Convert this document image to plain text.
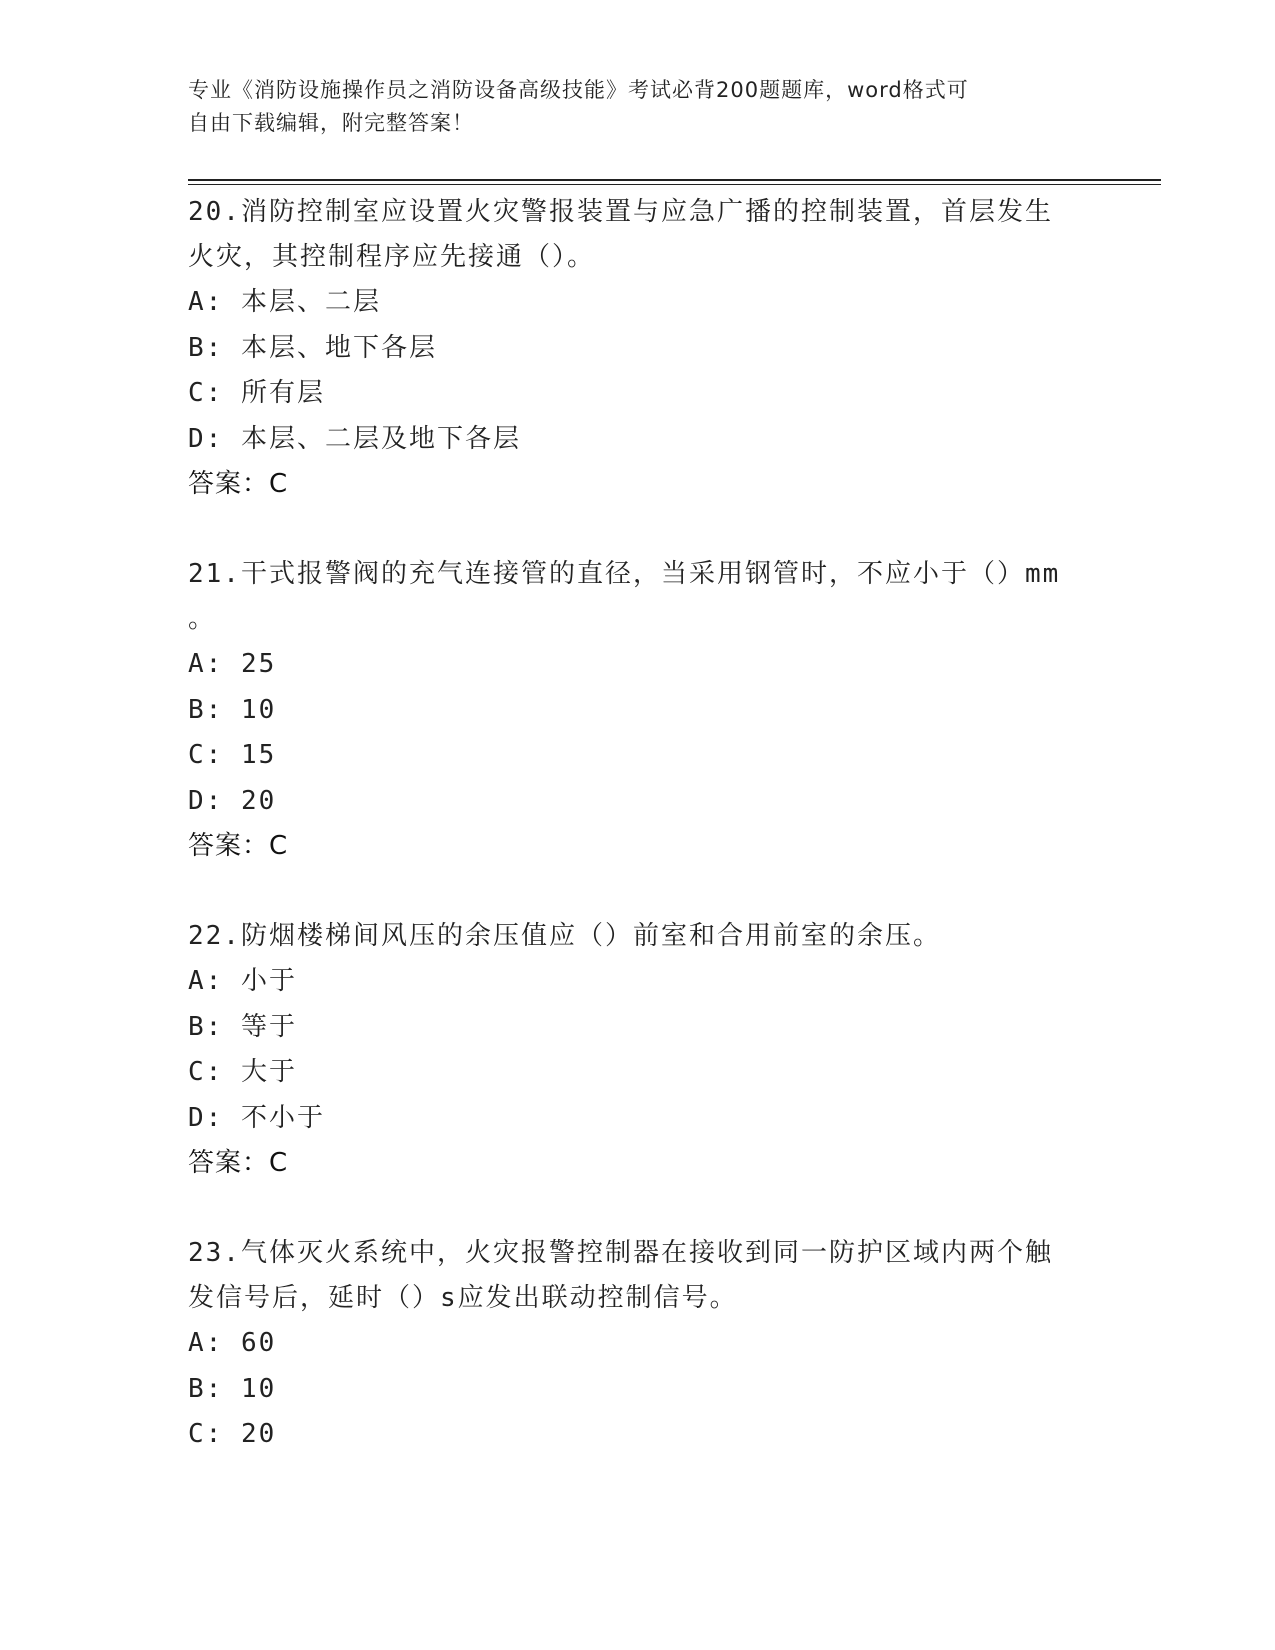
专业《消防设施操作员之消防设备高级技能》考试必背200题题库，word格式可
自由下载编辑，附完整答案！
20.消防控制室应设置火灾警报装置与应急广播的控制装置，首层发生
火灾，其控制程序应先接通（）。
A: 本层、二层
B: 本层、地下各层
C: 所有层
D: 本层、二层及地下各层
答案：C
21.干式报警阀的充气连接管的直径，当采用钢管时，不应小于（）mm
。
A: 25
B: 10
C: 15
D: 20
答案：C
22.防烟楼梯间风压的余压值应（）前室和合用前室的余压。
A: 小于
B: 等于
C: 大于
D: 不小于
答案：C
23.气体灭火系统中，火灾报警控制器在接收到同一防护区域内两个触
发信号后，延时（）s应发出联动控制信号。
A: 60
B: 10
C: 20
